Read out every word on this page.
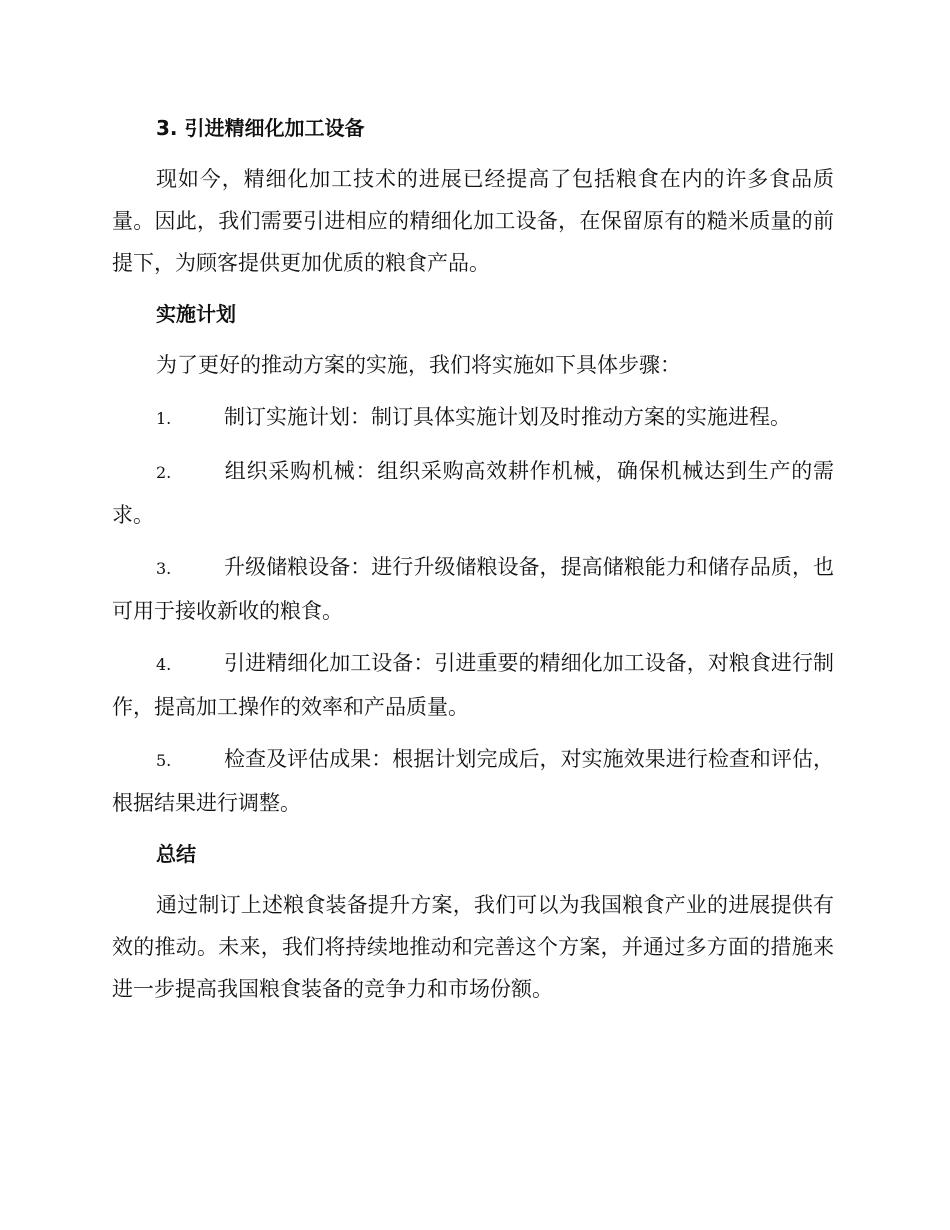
3. 引进精细化加工设备

现如今，精细化加工技术的进展已经提高了包括粮食在内的许多食品质量。因此，我们需要引进相应的精细化加工设备，在保留原有的糙米质量的前提下，为顾客提供更加优质的粮食产品。

实施计划

为了更好的推动方案的实施，我们将实施如下具体步骤：

1.	制订实施计划：制订具体实施计划及时推动方案的实施进程。

2.	组织采购机械：组织采购高效耕作机械，确保机械达到生产的需求。

3.	升级储粮设备：进行升级储粮设备，提高储粮能力和储存品质，也可用于接收新收的粮食。

4.	引进精细化加工设备：引进重要的精细化加工设备，对粮食进行制作，提高加工操作的效率和产品质量。

5.	检查及评估成果：根据计划完成后，对实施效果进行检查和评估，根据结果进行调整。

总结

通过制订上述粮食装备提升方案，我们可以为我国粮食产业的进展提供有效的推动。未来，我们将持续地推动和完善这个方案，并通过多方面的措施来进一步提高我国粮食装备的竞争力和市场份额。
